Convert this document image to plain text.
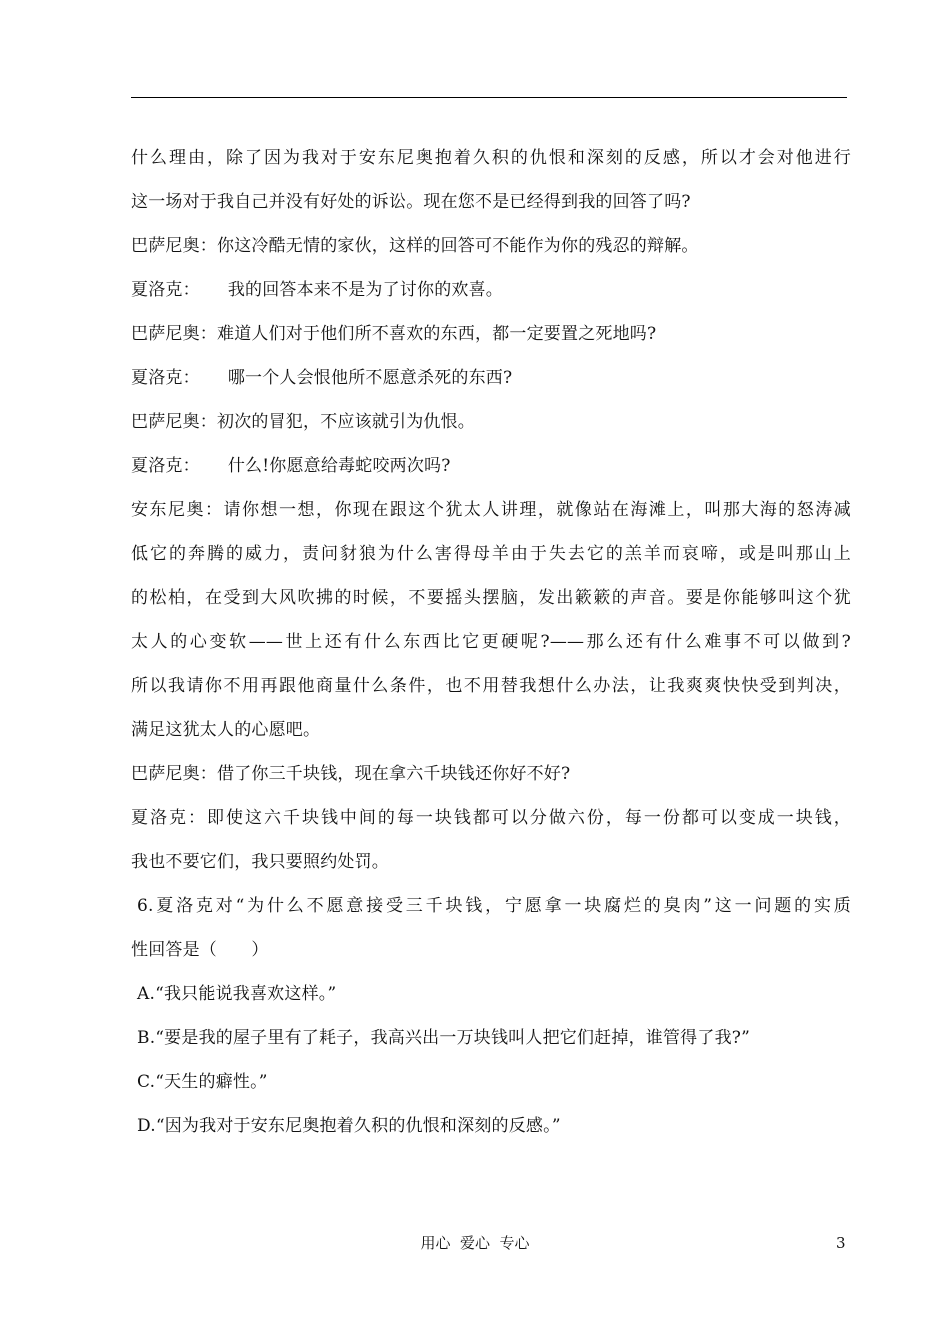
什么理由，除了因为我对于安东尼奥抱着久积的仇恨和深刻的反感，所以才会对他进行
这一场对于我自己并没有好处的诉讼。现在您不是已经得到我的回答了吗?
巴萨尼奥：你这冷酷无情的家伙，这样的回答可不能作为你的残忍的辩解。
夏洛克： 我的回答本来不是为了讨你的欢喜。
巴萨尼奥：难道人们对于他们所不喜欢的东西，都一定要置之死地吗?
夏洛克： 哪一个人会恨他所不愿意杀死的东西?
巴萨尼奥：初次的冒犯，不应该就引为仇恨。
夏洛克： 什么!你愿意给毒蛇咬两次吗?
安东尼奥：请你想一想，你现在跟这个犹太人讲理，就像站在海滩上，叫那大海的怒涛减
低它的奔腾的威力，责问豺狼为什么害得母羊由于失去它的羔羊而哀啼，或是叫那山上
的松柏，在受到大风吹拂的时候，不要摇头摆脑，发出簌簌的声音。要是你能够叫这个犹
太人的心变软——世上还有什么东西比它更硬呢?——那么还有什么难事不可以做到?
所以我请你不用再跟他商量什么条件，也不用替我想什么办法，让我爽爽快快受到判决，
满足这犹太人的心愿吧。
巴萨尼奥：借了你三千块钱，现在拿六千块钱还你好不好?
夏洛克：即使这六千块钱中间的每一块钱都可以分做六份，每一份都可以变成一块钱，
我也不要它们，我只要照约处罚。
6.夏洛克对“为什么不愿意接受三千块钱，宁愿拿一块腐烂的臭肉”这一问题的实质
性回答是（　　）
A.“我只能说我喜欢这样。”
B.“要是我的屋子里有了耗子，我高兴出一万块钱叫人把它们赶掉，谁管得了我?”
C.“天生的癖性。”
D.“因为我对于安东尼奥抱着久积的仇恨和深刻的反感。”
用心  爱心  专心	3
